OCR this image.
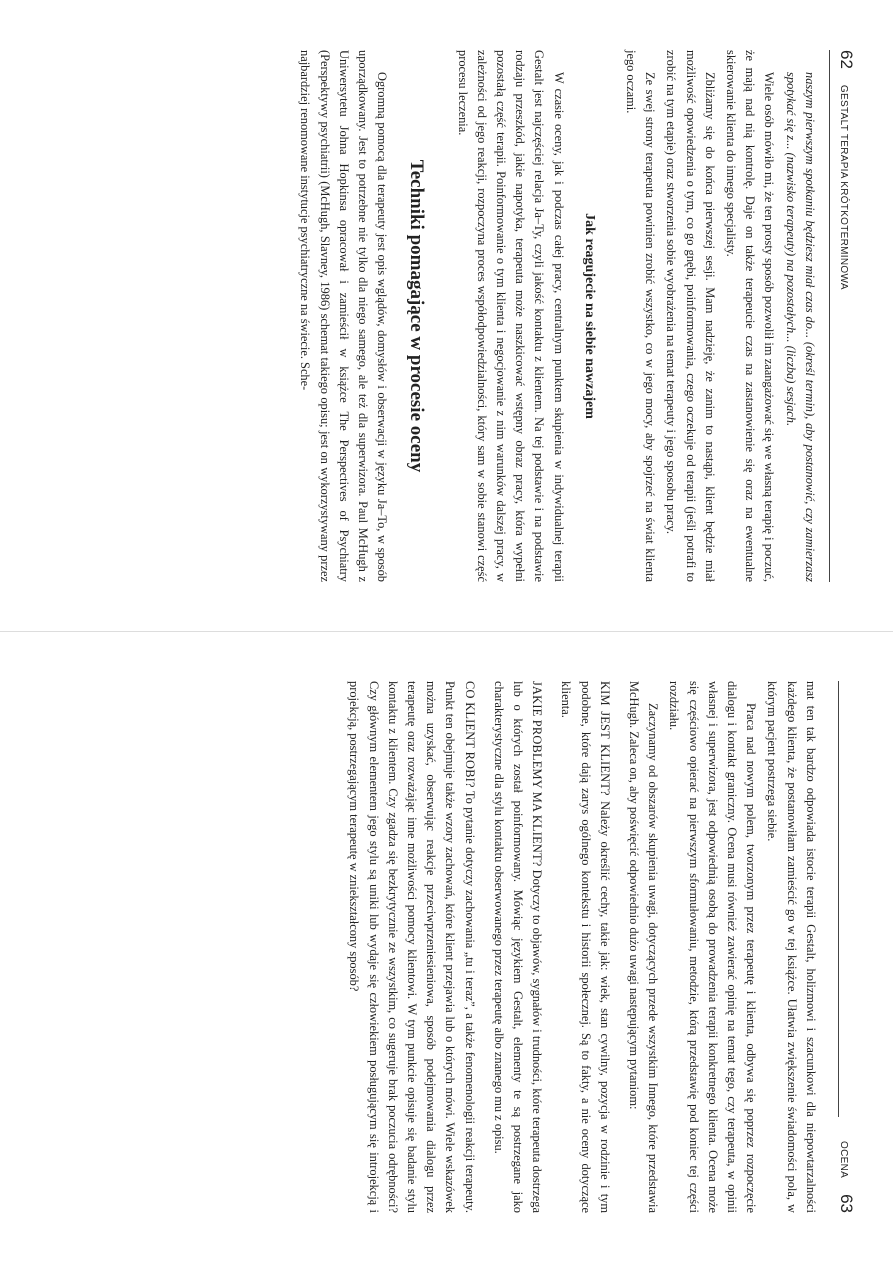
62
GESTALT TERAPIA KRÓTKOTERMINOWA

naszym pierwszym spotkaniu będziesz miał czas do... (określ termin), aby postanowić, czy zamierzasz spotykać się z... (nazwisko terapeuty) na pozostałych... (liczba) sesjach.

Wiele osób mówiło mi, że ten prosty sposób pozwolił im zaangażować się we własną terapię i poczuć, że mają nad nią kontrolę. Daje on także terapeucie czas na zastanowienie się oraz na ewentualne skierowanie klienta do innego specjalisty.

Zbliżamy się do końca pierwszej sesji. Mam nadzieję, że zanim to nastąpi, klient będzie miał możliwość opowiedzenia o tym, co go gnębi, poinformowania, czego oczekuje od terapii (jeśli potrafi to zrobić na tym etapie) oraz stworzenia sobie wyobrażenia na temat terapeuty i jego sposobu pracy.

Ze swej strony terapeuta powinien zrobić wszystko, co w jego mocy, aby spojrzeć na świat klienta jego oczami.

Jak reagujecie na siebie nawzajem

W czasie oceny, jak i podczas całej pracy, centralnym punktem skupienia w indywidualnej terapii Gestalt jest najczęściej relacja Ja–Ty, czyli jakość kontaktu z klientem. Na tej podstawie i na podstawie rodzaju przeszkód, jakie napotyka, terapeuta może naszkicować wstępny obraz pracy, która wypełni pozostałą część terapii. Poinformowanie o tym klienta i negocjowanie z nim warunków dalszej pracy, w zależności od jego reakcji, rozpoczyna proces współodpowiedzialności, który sam w sobie stanowi część procesu leczenia.

Techniki pomagające w procesie oceny

Ogromną pomocą dla terapeuty jest opis wglądów, domysłów i obserwacji w języku Ja–To, w sposób uporządkowany. Jest to potrzebne nie tylko dla niego samego, ale też dla superwizora. Paul McHugh z Uniwersytetu Johna Hopkinsa opracował i zamieścił w książce The Perspectives of Psychiatry (Perspektywy psychiatrii) (McHugh, Slavney, 1986) schemat takiego opisu; jest on wykorzystywany przez najbardziej renomowane instytucje psychiatryczne na świecie. Sche-

OCENA
63

mat ten tak bardzo odpowiada istocie terapii Gestalt, holizmowi i szacunkowi dla niepowtarzalności każdego klienta, że postanowiłam zamieścić go w tej książce. Ułatwia zwiększenie świadomości pola, w którym pacjent postrzega siebie.

Praca nad nowym polem, tworzonym przez terapeutę i klienta, odbywa się poprzez rozpoczęcie dialogu i kontakt graniczny. Ocena musi również zawierać opinię na temat tego, czy terapeuta, w opinii własnej i superwizora, jest odpowiednią osobą do prowadzenia terapii konkretnego klienta. Ocena może się częściowo opierać na pierwszym sformułowaniu, metodzie, którą przedstawię pod koniec tej części rozdziału.

Zaczynamy od obszarów skupienia uwagi, dotyczących przede wszystkim Innego, które przedstawia McHugh. Zaleca on, aby poświęcić odpowiednio dużo uwagi następującym pytaniom:

KIM JEST KLIENT? Należy określić cechy, takie jak: wiek, stan cywilny, pozycja w rodzinie i tym podobne, które dają zarys ogólnego kontekstu i historii społecznej. Są to fakty, a nie oceny dotyczące klienta.

JAKIE PROBLEMY MA KLIENT? Dotyczy to objawów, sygnałów i trudności, które terapeuta dostrzega lub o których został poinformowany. Mówiąc językiem Gestalt, elementy te są postrzegane jako charakterystyczne dla stylu kontaktu obserwowanego przez terapeutę albo znanego mu z opisu.

CO KLIENT ROBI? To pytanie dotyczy zachowania „tu i teraz”, a także fenomenologii reakcji terapeuty. Punkt ten obejmuje także wzory zachowań, które klient przejawia lub o których mówi. Wiele wskazówek można uzyskać, obserwując reakcje przeciwprzeniesieniowa, sposób podejmowania dialogu przez terapeutę oraz rozważając inne możliwości pomocy klientowi. W tym punkcie opisuje się badanie stylu kontaktu z klientem. Czy zgadza się bezkrytycznie ze wszystkim, co sugeruje brak poczucia odrębności? Czy głównym elementem jego stylu są uniki lub wydaje się człowiekiem posługującym się introjekcją i projekcją, postrzegającym terapeutę w zniekształcony sposób?
